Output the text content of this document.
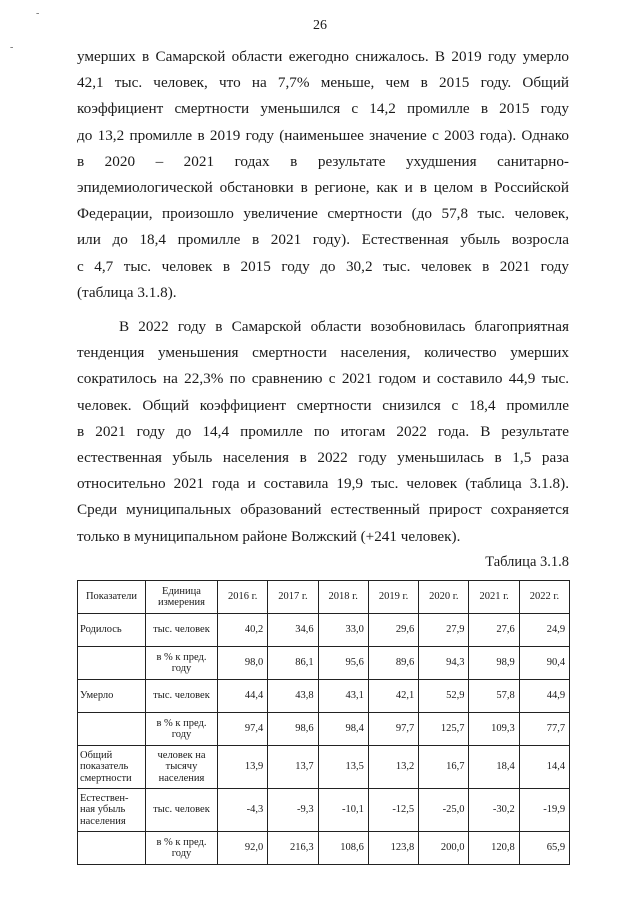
26
-
-
умерших в Самарской области ежегодно снижалось. В 2019 году умерло
42,1 тыс. человек, что на 7,7% меньше, чем в 2015 году. Общий
коэффициент смертности уменьшился с 14,2 промилле в 2015 году
до 13,2 промилле в 2019 году (наименьшее значение с 2003 года). Однако
в 2020 – 2021 годах в результате ухудшения санитарно-
эпидемиологической обстановки в регионе, как и в целом в Российской
Федерации, произошло увеличение смертности (до 57,8 тыс. человек,
или до 18,4 промилле в 2021 году). Естественная убыль возросла
с 4,7 тыс. человек в 2015 году до 30,2 тыс. человек в 2021 году
(таблица 3.1.8).
В 2022 году в Самарской области возобновилась благоприятная
тенденция уменьшения смертности населения, количество умерших
сократилось на 22,3% по сравнению с 2021 годом и составило 44,9 тыс.
человек. Общий коэффициент смертности снизился с 18,4 промилле
в 2021 году до 14,4 промилле по итогам 2022 года. В результате
естественная убыль населения в 2022 году уменьшилась в 1,5 раза
относительно 2021 года и составила 19,9 тыс. человек (таблица 3.1.8).
Среди муниципальных образований естественный прирост сохраняется
только в муниципальном районе Волжский (+241 человек).
Таблица 3.1.8
Показатели	Единица измерения	2016 г.	2017 г.	2018 г.	2019 г.	2020 г.	2021 г.	2022 г.
Родилось	тыс. человек	40,2	34,6	33,0	29,6	27,9	27,6	24,9
	в % к пред. году	98,0	86,1	95,6	89,6	94,3	98,9	90,4
Умерло	тыс. человек	44,4	43,8	43,1	42,1	52,9	57,8	44,9
	в % к пред. году	97,4	98,6	98,4	97,7	125,7	109,3	77,7
Общий показатель смертности	человек на тысячу населения	13,9	13,7	13,5	13,2	16,7	18,4	14,4
Естествен-ная убыль населения	тыс. человек	-4,3	-9,3	-10,1	-12,5	-25,0	-30,2	-19,9
	в % к пред. году	92,0	216,3	108,6	123,8	200,0	120,8	65,9
